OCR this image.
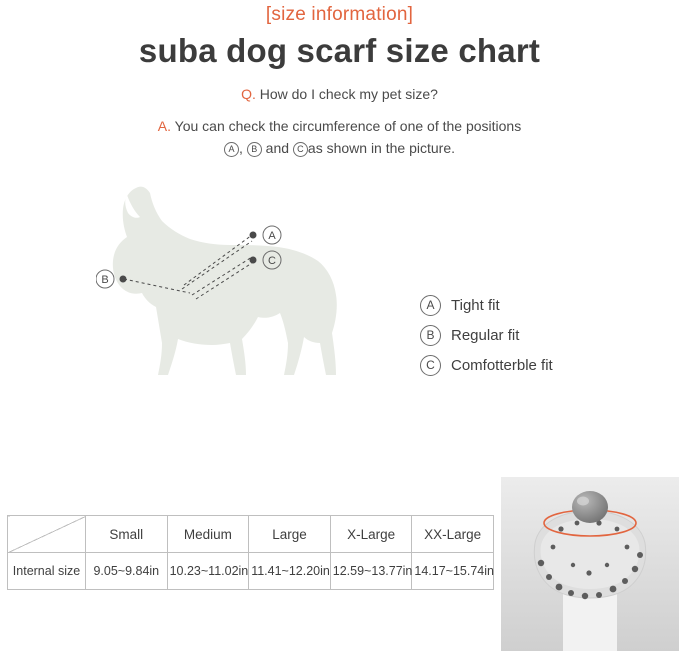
[size information]

suba dog scarf size chart

Q. How do I check my pet size?

A. You can check the circumference of one of the positions
A , B and C as shown in the picture.

A
C
B
A	Tight fit
B	Regular fit
C	Comfotterble fit
	Small	Medium	Large	X-Large	XX-Large
Internal size	9.05~9.84in	10.23~11.02in	11.41~12.20in	12.59~13.77in	14.17~15.74in
